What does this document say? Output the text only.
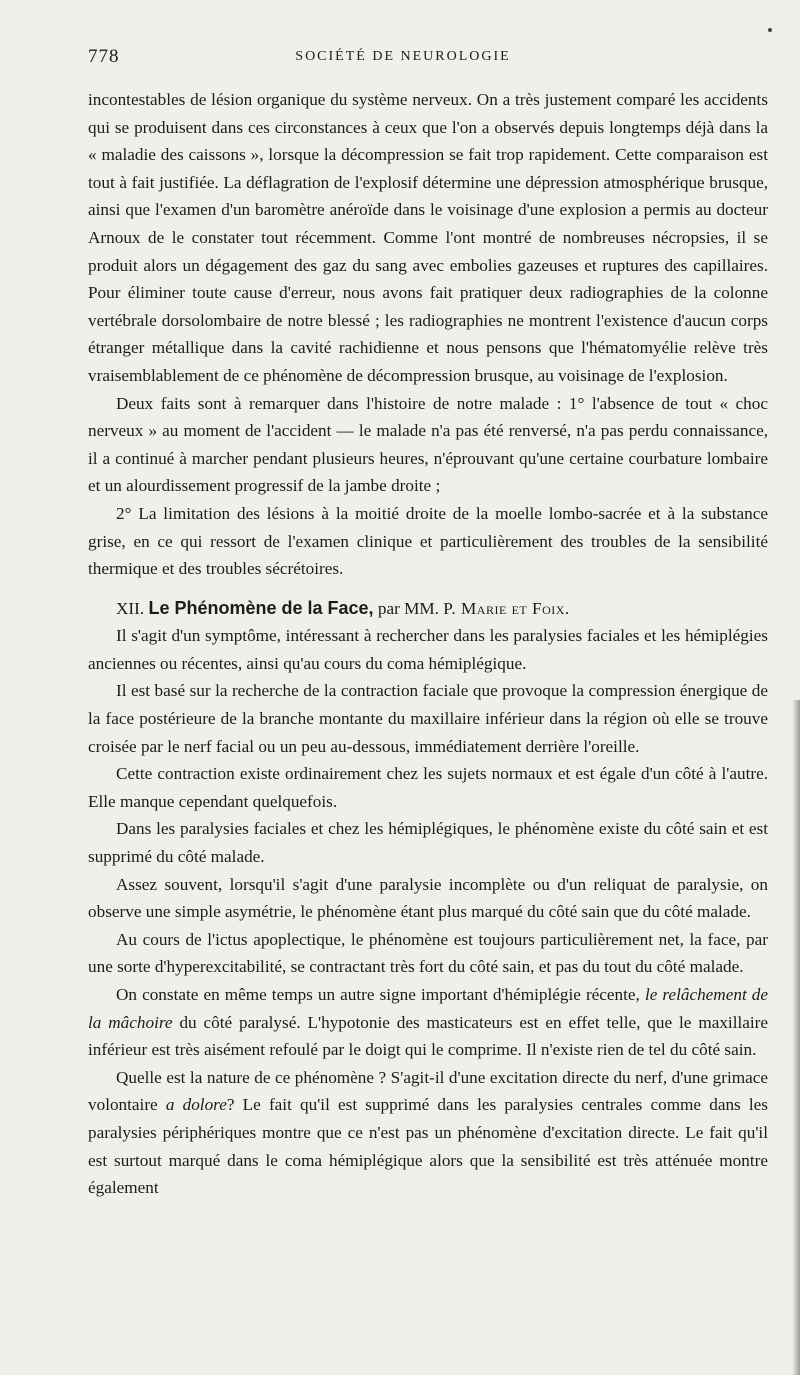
778	SOCIÉTÉ DE NEUROLOGIE

incontestables de lésion organique du système nerveux. On a très justement comparé les accidents qui se produisent dans ces circonstances à ceux que l'on a observés depuis longtemps déjà dans la « maladie des caissons », lorsque la décompression se fait trop rapidement. Cette comparaison est tout à fait justifiée. La déflagration de l'explosif détermine une dépression atmosphérique brusque, ainsi que l'examen d'un baromètre anéroïde dans le voisinage d'une explosion a permis au docteur Arnoux de le constater tout récemment. Comme l'ont montré de nombreuses nécropsies, il se produit alors un dégagement des gaz du sang avec embolies gazeuses et ruptures des capillaires. Pour éliminer toute cause d'erreur, nous avons fait pratiquer deux radiographies de la colonne vertébrale dorsolombaire de notre blessé ; les radiographies ne montrent l'existence d'aucun corps étranger métallique dans la cavité rachidienne et nous pensons que l'hématomyélie relève très vraisemblablement de ce phénomène de décompression brusque, au voisinage de l'explosion.

Deux faits sont à remarquer dans l'histoire de notre malade : 1° l'absence de tout « choc nerveux » au moment de l'accident — le malade n'a pas été renversé, n'a pas perdu connaissance, il a continué à marcher pendant plusieurs heures, n'éprouvant qu'une certaine courbature lombaire et un alourdissement progressif de la jambe droite ;

2° La limitation des lésions à la moitié droite de la moelle lombo-sacrée et à la substance grise, en ce qui ressort de l'examen clinique et particulièrement des troubles de la sensibilité thermique et des troubles sécrétoires.

XII. Le Phénomène de la Face, par MM. P. Marie et Foix.

Il s'agit d'un symptôme, intéressant à rechercher dans les paralysies faciales et les hémiplégies anciennes ou récentes, ainsi qu'au cours du coma hémiplégique.

Il est basé sur la recherche de la contraction faciale que provoque la compression énergique de la face postérieure de la branche montante du maxillaire inférieur dans la région où elle se trouve croisée par le nerf facial ou un peu au-dessous, immédiatement derrière l'oreille.

Cette contraction existe ordinairement chez les sujets normaux et est égale d'un côté à l'autre. Elle manque cependant quelquefois.

Dans les paralysies faciales et chez les hémiplégiques, le phénomène existe du côté sain et est supprimé du côté malade.

Assez souvent, lorsqu'il s'agit d'une paralysie incomplète ou d'un reliquat de paralysie, on observe une simple asymétrie, le phénomène étant plus marqué du côté sain que du côté malade.

Au cours de l'ictus apoplectique, le phénomène est toujours particulièrement net, la face, par une sorte d'hyperexcitabilité, se contractant très fort du côté sain, et pas du tout du côté malade.

On constate en même temps un autre signe important d'hémiplégie récente, le relâchement de la mâchoire du côté paralysé. L'hypotonie des masticateurs est en effet telle, que le maxillaire inférieur est très aisément refoulé par le doigt qui le comprime. Il n'existe rien de tel du côté sain.

Quelle est la nature de ce phénomène ? S'agit-il d'une excitation directe du nerf, d'une grimace volontaire a dolore? Le fait qu'il est supprimé dans les paralysies centrales comme dans les paralysies périphériques montre que ce n'est pas un phénomène d'excitation directe. Le fait qu'il est surtout marqué dans le coma hémiplégique alors que la sensibilité est très atténuée montre également
